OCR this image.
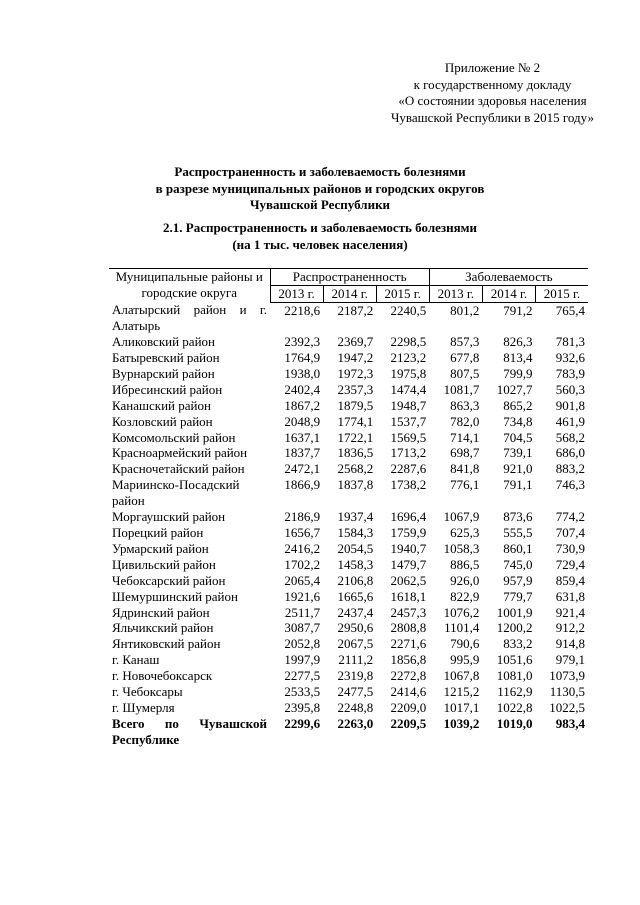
Приложение № 2
к государственному докладу
«О состоянии здоровья населения
Чувашской Республики в 2015 году»
Распространенность и заболеваемость болезнями
в разрезе муниципальных районов и городских округов
Чувашской Республики
2.1. Распространенность и заболеваемость болезнями
(на 1 тыс. человек населения)
Муниципальные районы и городские округа	Распространенность			Заболеваемость		
	2013 г.	2014 г.	2015 г.	2013 г.	2014 г.	2015 г.
Алатырский район и г. Алатырь	2218,6	2187,2	2240,5	801,2	791,2	765,4
Аликовский район	2392,3	2369,7	2298,5	857,3	826,3	781,3
Батыревский район	1764,9	1947,2	2123,2	677,8	813,4	932,6
Вурнарский район	1938,0	1972,3	1975,8	807,5	799,9	783,9
Ибресинский район	2402,4	2357,3	1474,4	1081,7	1027,7	560,3
Канашский район	1867,2	1879,5	1948,7	863,3	865,2	901,8
Козловский район	2048,9	1774,1	1537,7	782,0	734,8	461,9
Комсомольский район	1637,1	1722,1	1569,5	714,1	704,5	568,2
Красноармейский район	1837,7	1836,5	1713,2	698,7	739,1	686,0
Красночетайский район	2472,1	2568,2	2287,6	841,8	921,0	883,2
Мариинско-Посадский район	1866,9	1837,8	1738,2	776,1	791,1	746,3
Моргаушский район	2186,9	1937,4	1696,4	1067,9	873,6	774,2
Порецкий район	1656,7	1584,3	1759,9	625,3	555,5	707,4
Урмарский район	2416,2	2054,5	1940,7	1058,3	860,1	730,9
Цивильский район	1702,2	1458,3	1479,7	886,5	745,0	729,4
Чебоксарский район	2065,4	2106,8	2062,5	926,0	957,9	859,4
Шемуршинский район	1921,6	1665,6	1618,1	822,9	779,7	631,8
Ядринский район	2511,7	2437,4	2457,3	1076,2	1001,9	921,4
Яльчикский район	3087,7	2950,6	2808,8	1101,4	1200,2	912,2
Янтиковский район	2052,8	2067,5	2271,6	790,6	833,2	914,8
г. Канаш	1997,9	2111,2	1856,8	995,9	1051,6	979,1
г. Новочебоксарск	2277,5	2319,8	2272,8	1067,8	1081,0	1073,9
г. Чебоксары	2533,5	2477,5	2414,6	1215,2	1162,9	1130,5
г. Шумерля	2395,8	2248,8	2209,0	1017,1	1022,8	1022,5
Всего по Чувашской Республике	2299,6	2263,0	2209,5	1039,2	1019,0	983,4
